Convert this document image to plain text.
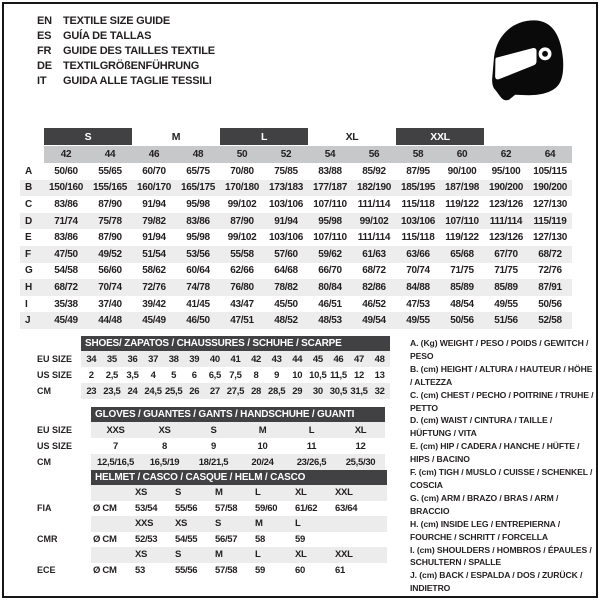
EN	TEXTILE SIZE GUIDE
ES	GUÍA DE TALLAS
FR	GUIDE DES TAILLES TEXTILE
DE	TEXTILGRÖßENFÜHRUNG
IT	GUIDA ALLE TAGLIE TESSILI
S	M	L	XL	XXL
42	44	46	48	50	52	54	56	58	60	62	64
A	50/60	55/65	60/70	65/75	70/80	75/85	83/88	85/92	87/95	90/100	95/100	105/115
B	150/160 155/165 160/170 165/175 170/180 173/183 177/187 182/190 185/195 187/198 190/200 190/200
C	83/86	87/90	91/94	95/98	99/102	103/106	107/110	111/114	115/118	119/122	123/126 127/130
D	71/74	75/78	79/82	83/86	87/90	91/94	95/98	99/102	103/106	107/110	111/114	115/119
E	83/86	87/90	91/94	95/98	99/102	103/106	107/110	111/114	115/118	119/122	123/126 127/130
F	47/50	49/52	51/54	53/56	55/58	57/60	59/62	61/63	63/66	65/68	67/70	68/72
G	54/58	56/60	58/62	60/64	62/66	64/68	66/70	68/72	70/74	71/75	71/75	72/76
H	68/72	70/74	72/76	74/78	76/80	78/82	80/84	82/86	84/88	85/89	85/89	87/91
I	35/38	37/40	39/42	41/45	43/47	45/50	46/51	46/52	47/53	48/54	49/55	50/56
J	45/49	44/48	45/49	46/50	47/51	48/52	48/53	49/54	49/55	50/56	51/56	52/58
SHOES/ ZAPATOS / CHAUSSURES / SCHUHE / SCARPE
EU SIZE	34	35	36	37	38	39	40	41	42	43	44	45	46	47	48
US SIZE	2	2,5 3,5	4	5	6	6,5 7,5	8	9	10 10,5 11,5 12	13
CM	23 23,5 24 24,5 25,5 26	27 27,5 28 28,5 29	30 30,5 31,5 32
GLOVES / GUANTES / GANTS / HANDSCHUHE / GUANTI
EU SIZE	XXS	XS	S	M	L	XL
US SIZE	7	8	9	10	11	12
CM	12,5/16,5	16,5/19	18/21,5	20/24	23/26,5	25,5/30
HELMET / CASCO / CASQUE / HELM / CASCO
XS	S	M	L	XL	XXL
FIA	Ø CM	53/54	55/56	57/58	59/60	61/62	63/64
XXS	XS	S	M	L
CMR	Ø CM	52/53	54/55	56/57	58	59
XS	S	M	L	XL	XXL
ECE	Ø CM	53	55/56	57/58	59	60	61
A. (Kg) WEIGHT / PESO / POIDS / GEWITCH / PESO
B. (cm) HEIGHT / ALTURA / HAUTEUR / HÖHE / ALTEZZA
C. (cm) CHEST / PECHO / POITRINE / TRUHE / PETTO
D. (cm) WAIST / CINTURA / TAILLE / HÜFTUNG / VITA
E. (cm) HIP / CADERA / HANCHE / HÜFTE / HIPS / BACINO
F. (cm) TIGH / MUSLO / CUISSE / SCHENKEL / COSCIA
G. (cm) ARM / BRAZO / BRAS / ARM / BRACCIO
H. (cm) INSIDE LEG / ENTREPIERNA / FOURCHE / SCHRITT / FORCELLA
I. (cm) SHOULDERS / HOMBROS / ÉPAULES / SCHULTERN / SPALLE
J. (cm) BACK / ESPALDA / DOS / ZURÜCK / INDIETRO
